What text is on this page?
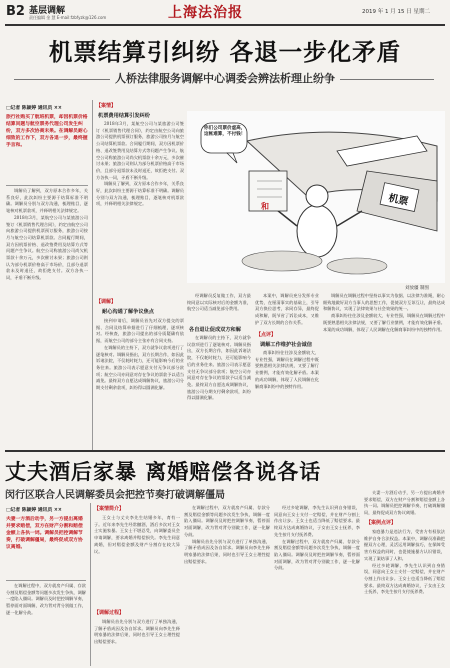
B2 基层调解
责任编辑 金 慧 E-mail:fzbfyzk@126.com	上海法治报	2019 年 1 月 15 日 星期二
机票结算引纠纷 各退一步化矛盾
人桥法律服务调解中心调委会辨法析理止纷争
□记者 陈颖婷 通讯员 ××
旅行社购买了航班机票，却因机票价格结算问题与航空票务代理公司发生纠纷，双方多次协商未果。在调解员耐心细致的工作下，双方各退一步，最终握手言和。

调解员了解到，双方原本合作多年，关系良好，此次纠纷主要源于结算标准不明确。调解员分别与双方沟通，梳理账目，逐笔核对机票款项，并释明相关法律规定。

2018年3月，某航空公司与某旅游公司签订《机票销售代理合同》，约定由航空公司向旅游公司提供机票预订服务，旅游公司按月与航空公司结算机票款。合同履行期间，双方因机票价格、退改签费用及结算方式等问题产生争议。航空公司称旅游公司尚欠机票款十余万元，多次催讨未果；旅游公司则认为部分机票价格高于市场价，且部分退票款未及时退还，故拒绝支付。双方各执一词，矛盾不断升级。

【案情】
机票费用结算引发纠纷

2018年3月，某航空公司与某旅游公司签订《机票销售代理合同》，约定由航空公司向旅游公司提供机票预订服务，旅游公司按月与航空公司结算机票款。合同履行期间，双方因机票价格、退改签费用及结算方式等问题产生争议。航空公司称旅游公司尚欠机票款十余万元，多次催讨未果；旅游公司则认为部分机票价格高于市场价，且部分退票款未及时退还，故拒绝支付。双方各执一词，矛盾不断升级。

调解员了解到，双方原本合作多年，关系良好，此次纠纷主要源于结算标准不明确。调解员分别与双方沟通，梳理账目，逐笔核对机票款项，并释明相关法律规定。

【调解】
耐心沟通了解争议焦点

接到申请后，调解员首先对双方提交的票据、合同及结算单据进行了仔细梳理，逐项核对。经核查，旅游公司提出的部分质疑确有依据，而航空公司的部分主张亦有合同支持。

在调解员的主持下，双方就争议款项进行了逐笔核对。调解员指出，双方长期合作，如因此诉诸法院，不仅耗时耗力，还可能影响今后的业务往来。旅游公司表示愿意支付无争议部分款项；航空公司亦同意对存在争议的票款予以适当减免。最终双方自愿达成调解协议，旅游公司分期支付剩余款项，纠纷得以圆满化解。

机票
和
你们公司票价虚高，这帐难算，不付钱！
刘放疆 制图

经调解员反复做工作，双方最终同意以实际核对后的金额为准，航空公司适当减免部分费用。

各自退让促成双方和解

在调解员的主持下，双方就争议款项进行了逐笔核对。调解员指出，双方长期合作，如因此诉诸法院，不仅耗时耗力，还可能影响今后的业务往来。旅游公司表示愿意支付无争议部分款项；航空公司亦同意对存在争议的票款予以适当减免。最终双方自愿达成调解协议，旅游公司分期支付剩余款项，纠纷得以圆满化解。

本案中，调解员充分发挥专业优势，在厘清事实的基础上，引导双方换位思考，求同存异，最终促成和解，既节省了诉讼成本，又维护了双方长期的合作关系。

【点评】
调解工作维护社会诚信

商事纠纷往往涉及金额较大、专业性强，调解员在调解过程中既要熟悉相关法律法规，又要了解行业惯例，才能有效化解矛盾。本案的成功调解，体现了人民调解在化解商事纠纷中的独特作用。

调解员在调解过程中坚持以事实为依据、以法律为准绳，耐心细致地做好双方当事人的思想工作，促使双方互谅互让，最终达成和解协议，实现了法律效果与社会效果的统一。

商事纠纷往往涉及金额较大、专业性强，调解员在调解过程中既要熟悉相关法律法规，又要了解行业惯例，才能有效化解矛盾。本案的成功调解，体现了人民调解在化解商事纠纷中的独特作用。

丈夫酒后家暴 离婚赔偿各说各话
闵行区联合人民调解委员会把控节奏打破调解僵局
□记者 陈颖婷 通讯员 ××
夫妻一方酒后动手，另一方提出离婚并要求赔偿，双方在财产分割和赔偿金额上各执一词。调解员把控调解节奏，打破调解僵局，最终促成双方协议离婚。

在调解过程中，双方就房产归属、存款分割及赔偿金额等问题多次发生争执，调解一度陷入僵局。调解员及时把控调解节奏，暂停面对面调解，改为背对背分别做工作，逐一化解分歧。

【案情简介】

王女士与丈夫李先生结婚多年，育有一子。近年来李先生经常酗酒，酒后多次对王女士实施家暴。王女士不堪忍受，向调解委员会申请调解，要求离婚并赔偿损失。李先生同意离婚，但对赔偿金额及财产分割存在较大异议。

【调解过程】

调解员首先分别与双方进行了单独沟通，了解矛盾成因及各自诉求。调解员向李先生释明家暴的法律后果，同时也引导王女士理性提出赔偿要求。

在调解过程中，双方就房产归属、存款分割及赔偿金额等问题多次发生争执，调解一度陷入僵局。调解员及时把控调解节奏，暂停面对面调解，改为背对背分别做工作，逐一化解分歧。

调解员首先分别与双方进行了单独沟通，了解矛盾成因及各自诉求。调解员向李先生释明家暴的法律后果，同时也引导王女士理性提出赔偿要求。

经过多轮调解，李先生认识到自身错误，同意向王女士支付一定赔偿，并在财产分割上作出让步。王女士也适当降低了赔偿要求。最终双方达成离婚协议，子女由王女士抚养，李先生按月支付抚养费。

在调解过程中，双方就房产归属、存款分割及赔偿金额等问题多次发生争执，调解一度陷入僵局。调解员及时把控调解节奏，暂停面对面调解，改为背对背分别做工作，逐一化解分歧。

夫妻一方酒后动手，另一方提出离婚并要求赔偿，双方在财产分割和赔偿金额上各执一词。调解员把控调解节奏，打破调解僵局，最终促成双方协议离婚。

【案例点评】

家庭暴力是违法行为，受害方有权依法维护自身合法权益。本案中，调解员准确把握双方心理，灵活运用调解技巧，在保障受害方权益的同时，也促使施暴方认识错误，实现了案结事了人和。

经过多轮调解，李先生认识到自身错误，同意向王女士支付一定赔偿，并在财产分割上作出让步。王女士也适当降低了赔偿要求。最终双方达成离婚协议，子女由王女士抚养，李先生按月支付抚养费。
